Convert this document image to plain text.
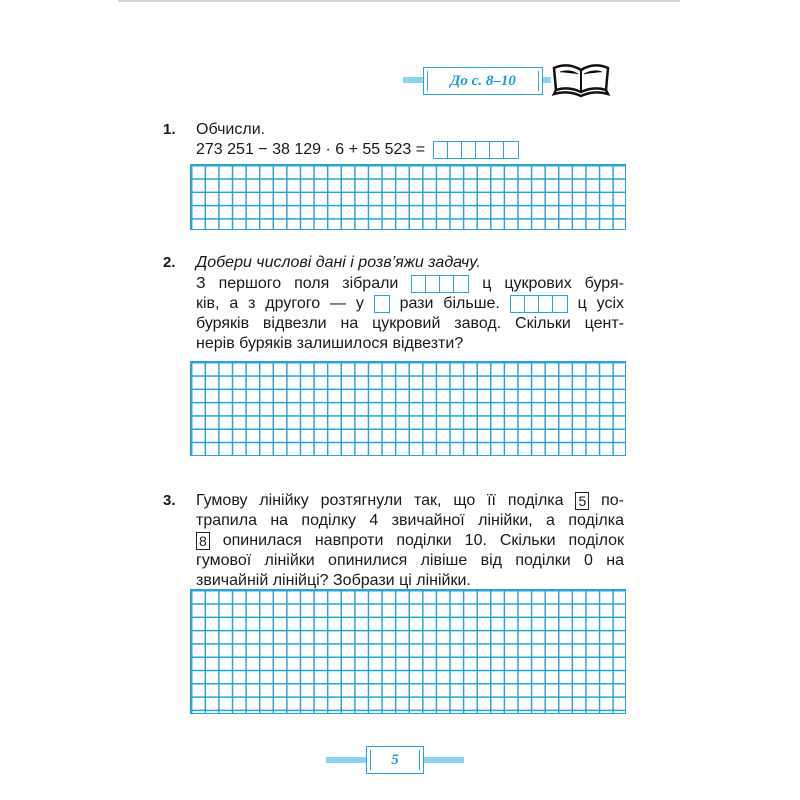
До с. 8–10
1. Обчисли.
273 251 − 38 129 · 6 + 55 523 =
2. Добери числові дані і розв’яжи задачу.
З першого поля зібрали	ц цукрових буря-
ків, а з другого — у рази більше.	ц усіх
буряків відвезли на цукровий завод. Скільки цент-
нерів буряків залишилося відвезти?
3. Гумову лінійку розтягнули так, що її поділка 5 по-
трапила на поділку 4 звичайної лінійки, а поділка
8 опинилася навпроти поділки 10. Скільки поділок
гумової лінійки опинилися лівіше від поділки 0 на
звичайній лінійці? Зобрази ці лінійки.
5
